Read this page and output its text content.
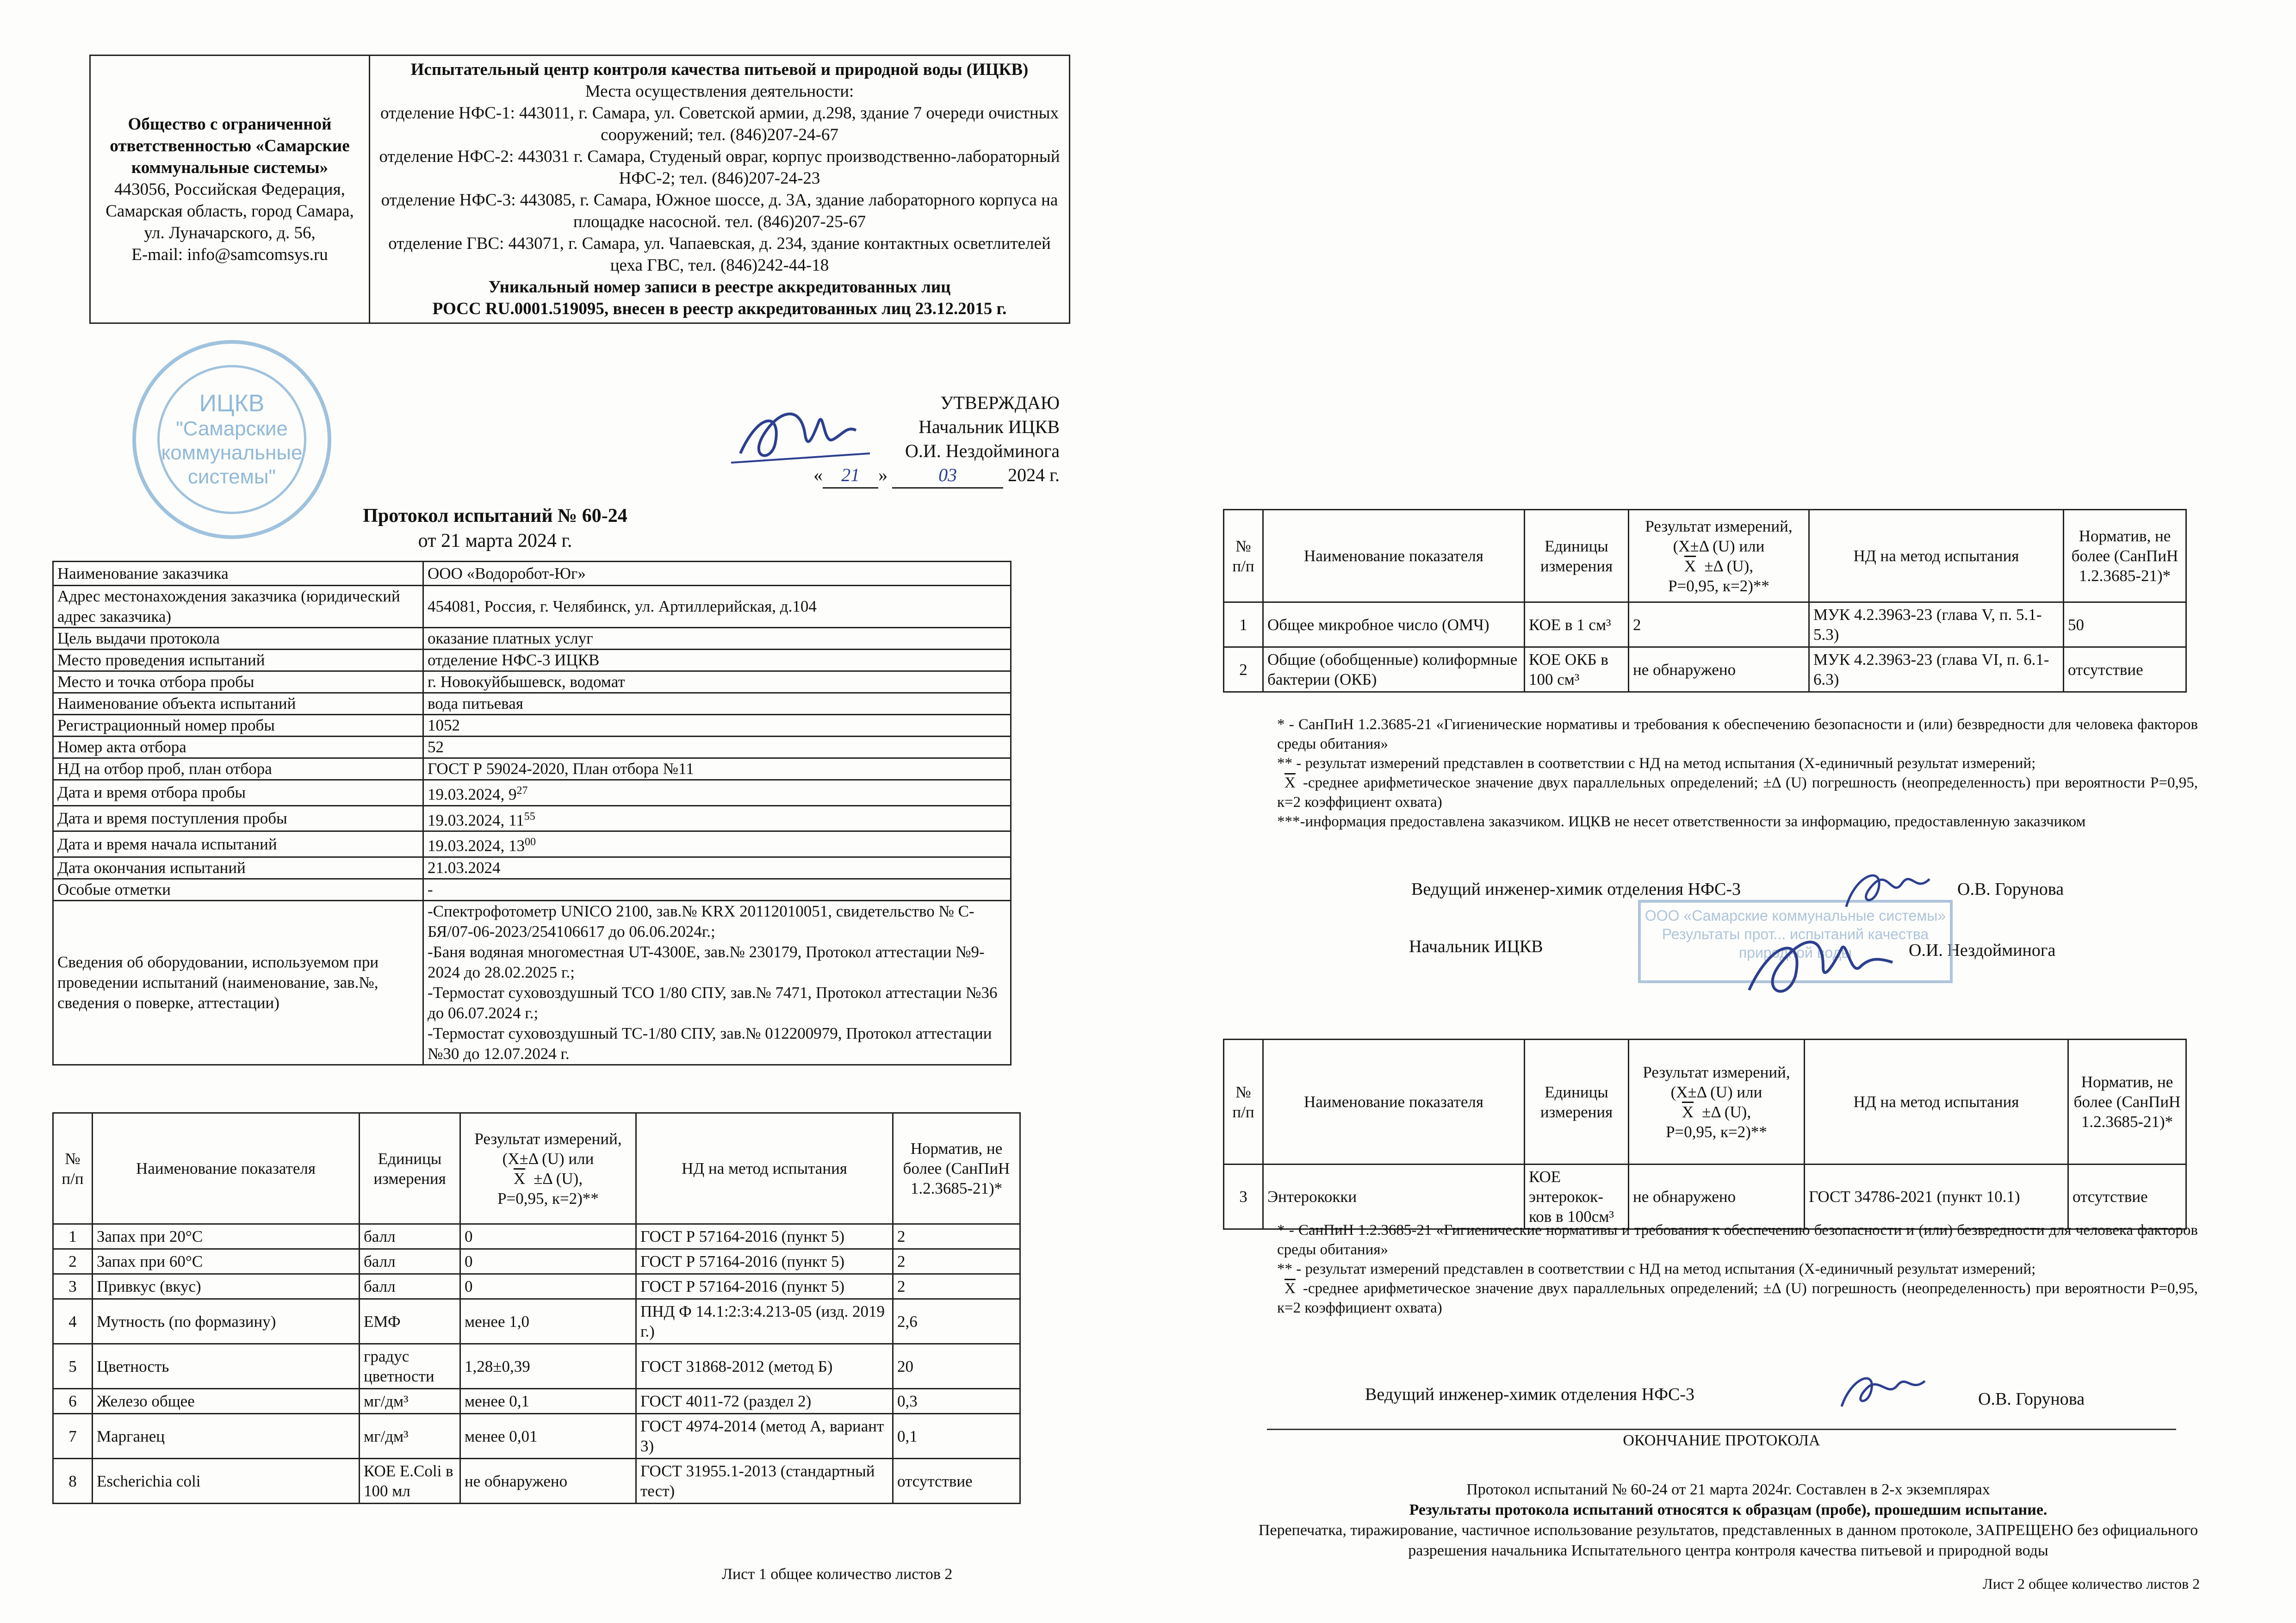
Общество с ограниченной ответственностью «Самарские коммунальные системы»
443056, Российская Федерация, Самарская область, город Самара, ул. Луначарского, д. 56,
E-mail: info@samcomsys.ru

Испытательный центр контроля качества питьевой и природной воды (ИЦКВ)
Места осуществления деятельности:
отделение НФС-1: 443011, г. Самара, ул. Советской армии, д.298, здание 7 очереди очистных сооружений; тел. (846)207-24-67
отделение НФС-2: 443031 г. Самара, Студеный овраг, корпус производственно-лабораторный НФС-2; тел. (846)207-24-23
отделение НФС-3: 443085, г. Самара, Южное шоссе, д. 3А, здание лабораторного корпуса на площадке насосной. тел. (846)207-25-67
отделение ГВС: 443071, г. Самара, ул. Чапаевская, д. 234, здание контактных осветлителей цеха ГВС, тел. (846)242-44-18
Уникальный номер записи в реестре аккредитованных лиц
РОСС RU.0001.519095, внесен в реестр аккредитованных лиц 23.12.2015 г.
ИЦКВ
"Самарские коммунальные системы"
УТВЕРЖДАЮ
Начальник ИЦКВ
О.И. Нездойминога
« 21 »	03	2024 г.
Протокол испытаний № 60-24
от 21 марта 2024 г.
Наименование заказчика	ООО «Водоробот-Юг»
Адрес местонахождения заказчика (юридический адрес заказчика)	454081, Россия, г. Челябинск, ул. Артиллерийская, д.104
Цель выдачи протокола	оказание платных услуг
Место проведения испытаний	отделение НФС-3 ИЦКВ
Место и точка отбора пробы	г. Новокуйбышевск, водомат
Наименование объекта испытаний	вода питьевая
Регистрационный номер пробы	1052
Номер акта отбора	52
НД на отбор проб, план отбора	ГОСТ Р 59024-2020, План отбора №11
Дата и время отбора пробы	19.03.2024, $9^{27}$
Дата и время поступления пробы	19.03.2024, $11^{55}$
Дата и время начала испытаний	19.03.2024, $13^{00}$
Дата окончания испытаний	21.03.2024
Особые отметки	-
Сведения об оборудовании, используемом при проведении испытаний (наименование, зав.№, сведения о поверке, аттестации)	-Спектрофотометр UNICO 2100, зав.№ KRX 20112010051, свидетельство № С-БЯ/07-06-2023/254106617 до 06.06.2024г.;
-Баня водяная многоместная UT-4300E, зав.№ 230179, Протокол аттестации №9-2024 до 28.02.2025 г.;
-Термостат суховоздушный ТСО 1/80 СПУ, зав.№ 7471, Протокол аттестации №36 до 06.07.2024 г.;
-Термостат суховоздушный ТС-1/80 СПУ, зав.№ 012200979, Протокол аттестации №30 до 12.07.2024 г.
№ п/п	Наименование показателя	Единицы измерения	Результат измерений, (X±Δ (U) или
$\overline{X} \pm\Delta$ (U),
P=0,95, к=2)**	НД на метод испытания	Норматив, не более (СанПиН 1.2.3685-21)*
1	Запах при 20°С	балл	0	ГОСТ Р 57164-2016 (пункт 5)	2
2	Запах при 60°С	балл	0	ГОСТ Р 57164-2016 (пункт 5)	2
3	Привкус (вкус)	балл	0	ГОСТ Р 57164-2016 (пункт 5)	2
4	Мутность (по формазину)	ЕМФ	менее 1,0	ПНД Ф 14.1:2:3:4.213-05 (изд. 2019 г.)	2,6
5	Цветность	градус цветности	1,28±0,39	ГОСТ 31868-2012 (метод Б)	20
6	Железо общее	мг/дм³	менее 0,1	ГОСТ 4011-72 (раздел 2)	0,3
7	Марганец	мг/дм³	менее 0,01	ГОСТ 4974-2014 (метод А, вариант 3)	0,1
8	Escherichia coli	КОЕ E.Coli в 100 мл	не обнаружено	ГОСТ 31955.1-2013 (стандартный тест)	отсутствие
Лист 1 общее количество листов 2
№ п/п	Наименование показателя	Единицы измерения	Результат измерений, (X±Δ (U) или
$\overline{X} \pm\Delta$ (U),
P=0,95, к=2)**	НД на метод испытания	Норматив, не более (СанПиН 1.2.3685-21)*
1	Общее микробное число (ОМЧ)	КОЕ в 1 см³	2	МУК 4.2.3963-23 (глава V, п. 5.1-5.3)	50
2	Общие (обобщенные) колиформные бактерии (ОКБ)	КОЕ ОКБ в 100 см³	не обнаружено	МУК 4.2.3963-23 (глава VI, п. 6.1-6.3)	отсутствие
* - СанПиН 1.2.3685-21 «Гигиенические нормативы и требования к обеспечению безопасности и (или) безвредности для человека факторов среды обитания»
** - результат измерений представлен в соответствии с НД на метод испытания (X-единичный результат измерений;
$\overline{X}$ -среднее арифметическое значение двух параллельных определений; ±Δ (U) погрешность (неопределенность) при вероятности P=0,95, к=2 коэффициент охвата)
***-информация предоставлена заказчиком. ИЦКВ не несет ответственности за информацию, предоставленную заказчиком
Ведущий инженер-химик отделения НФС-3	О.В. Горунова
Начальник ИЦКВ	О.И. Нездойминога
ООО «Самарские коммунальные системы»
Результаты прот... испытаний качества
природной воды
№ п/п	Наименование показателя	Единицы измерения	Результат измерений, (X±Δ (U) или
$\overline{X} \pm\Delta$ (U),
P=0,95, к=2)**	НД на метод испытания	Норматив, не более (СанПиН 1.2.3685-21)*
3	Энтерококки	КОЕ энтерокок-ков в 100см³	не обнаружено	ГОСТ 34786-2021 (пункт 10.1)	отсутствие
* - СанПиН 1.2.3685-21 «Гигиенические нормативы и требования к обеспечению безопасности и (или) безвредности для человека факторов среды обитания»
** - результат измерений представлен в соответствии с НД на метод испытания (X-единичный результат измерений;
$\overline{X}$ -среднее арифметическое значение двух параллельных определений; ±Δ (U) погрешность (неопределенность) при вероятности P=0,95, к=2 коэффициент охвата)
Ведущий инженер-химик отделения НФС-3	О.В. Горунова
ОКОНЧАНИЕ ПРОТОКОЛА
Протокол испытаний № 60-24 от 21 марта 2024г. Составлен в 2-х экземплярах
Результаты протокола испытаний относятся к образцам (пробе), прошедшим испытание.
Перепечатка, тиражирование, частичное использование результатов, представленных в данном протоколе, ЗАПРЕЩЕНО без официального разрешения начальника Испытательного центра контроля качества питьевой и природной воды
Лист 2 общее количество листов 2
